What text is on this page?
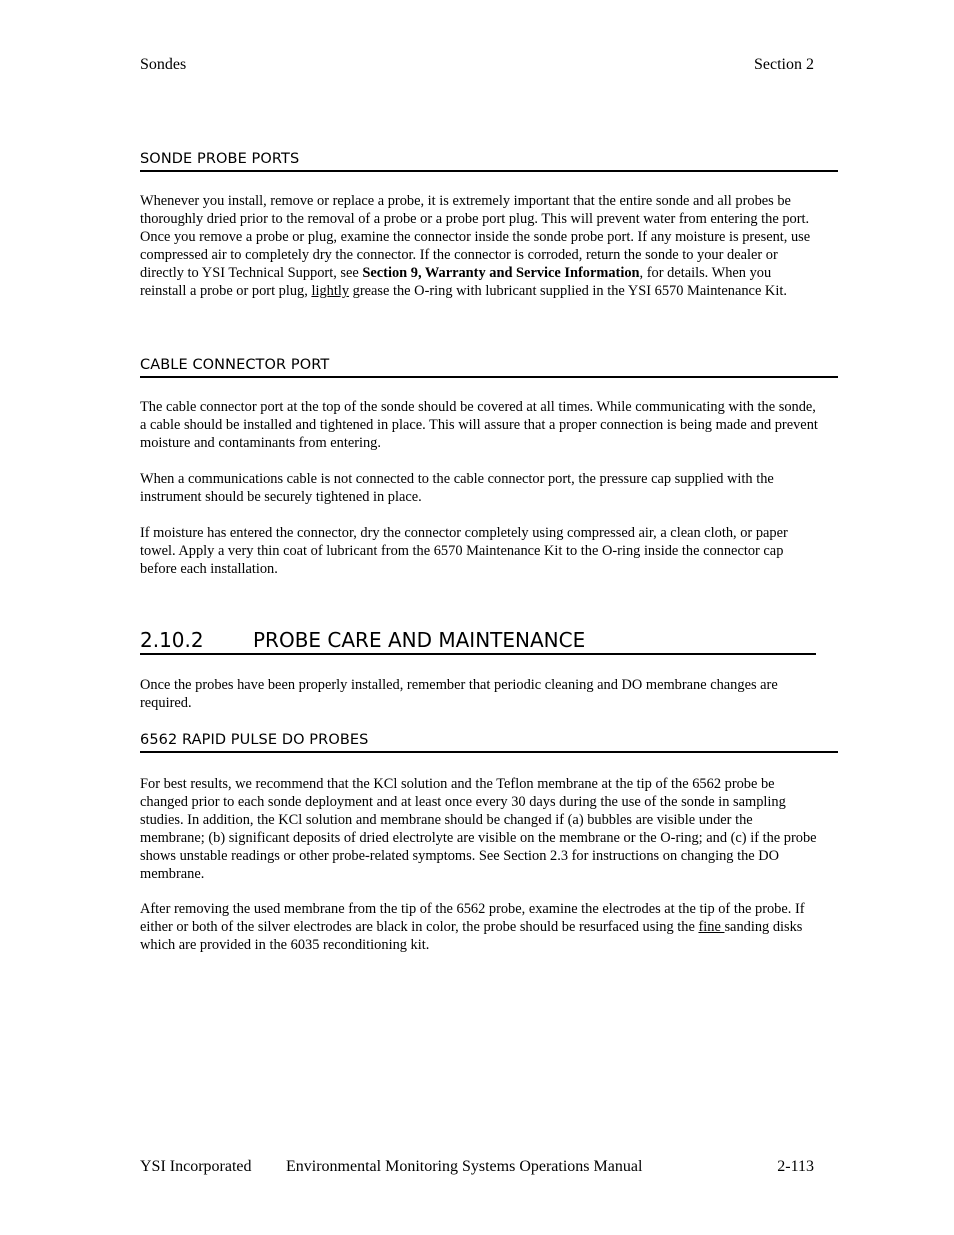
Sondes	Section 2
SONDE PROBE PORTS

Whenever you install, remove or replace a probe, it is extremely important that the entire sonde and all probes be thoroughly dried prior to the removal of a probe or a probe port plug. This will prevent water from entering the port. Once you remove a probe or plug, examine the connector inside the sonde probe port. If any moisture is present, use compressed air to completely dry the connector. If the connector is corroded, return the sonde to your dealer or directly to YSI Technical Support, see Section 9, Warranty and Service Information, for details. When you reinstall a probe or port plug, lightly grease the O-ring with lubricant supplied in the YSI 6570 Maintenance Kit.

CABLE CONNECTOR PORT

The cable connector port at the top of the sonde should be covered at all times. While communicating with the sonde, a cable should be installed and tightened in place. This will assure that a proper connection is being made and prevent moisture and contaminants from entering.

When a communications cable is not connected to the cable connector port, the pressure cap supplied with the instrument should be securely tightened in place.

If moisture has entered the connector, dry the connector completely using compressed air, a clean cloth, or paper towel. Apply a very thin coat of lubricant from the 6570 Maintenance Kit to the O-ring inside the connector cap before each installation.

2.10.2 PROBE CARE AND MAINTENANCE

Once the probes have been properly installed, remember that periodic cleaning and DO membrane changes are required.

6562 RAPID PULSE DO PROBES

For best results, we recommend that the KCl solution and the Teflon membrane at the tip of the 6562 probe be changed prior to each sonde deployment and at least once every 30 days during the use of the sonde in sampling studies. In addition, the KCl solution and membrane should be changed if (a) bubbles are visible under the membrane; (b) significant deposits of dried electrolyte are visible on the membrane or the O-ring; and (c) if the probe shows unstable readings or other probe-related symptoms. See Section 2.3 for instructions on changing the DO membrane.

After removing the used membrane from the tip of the 6562 probe, examine the electrodes at the tip of the probe. If either or both of the silver electrodes are black in color, the probe should be resurfaced using the fine sanding disks which are provided in the 6035 reconditioning kit.

YSI Incorporated Environmental Monitoring Systems Operations Manual	2-113
